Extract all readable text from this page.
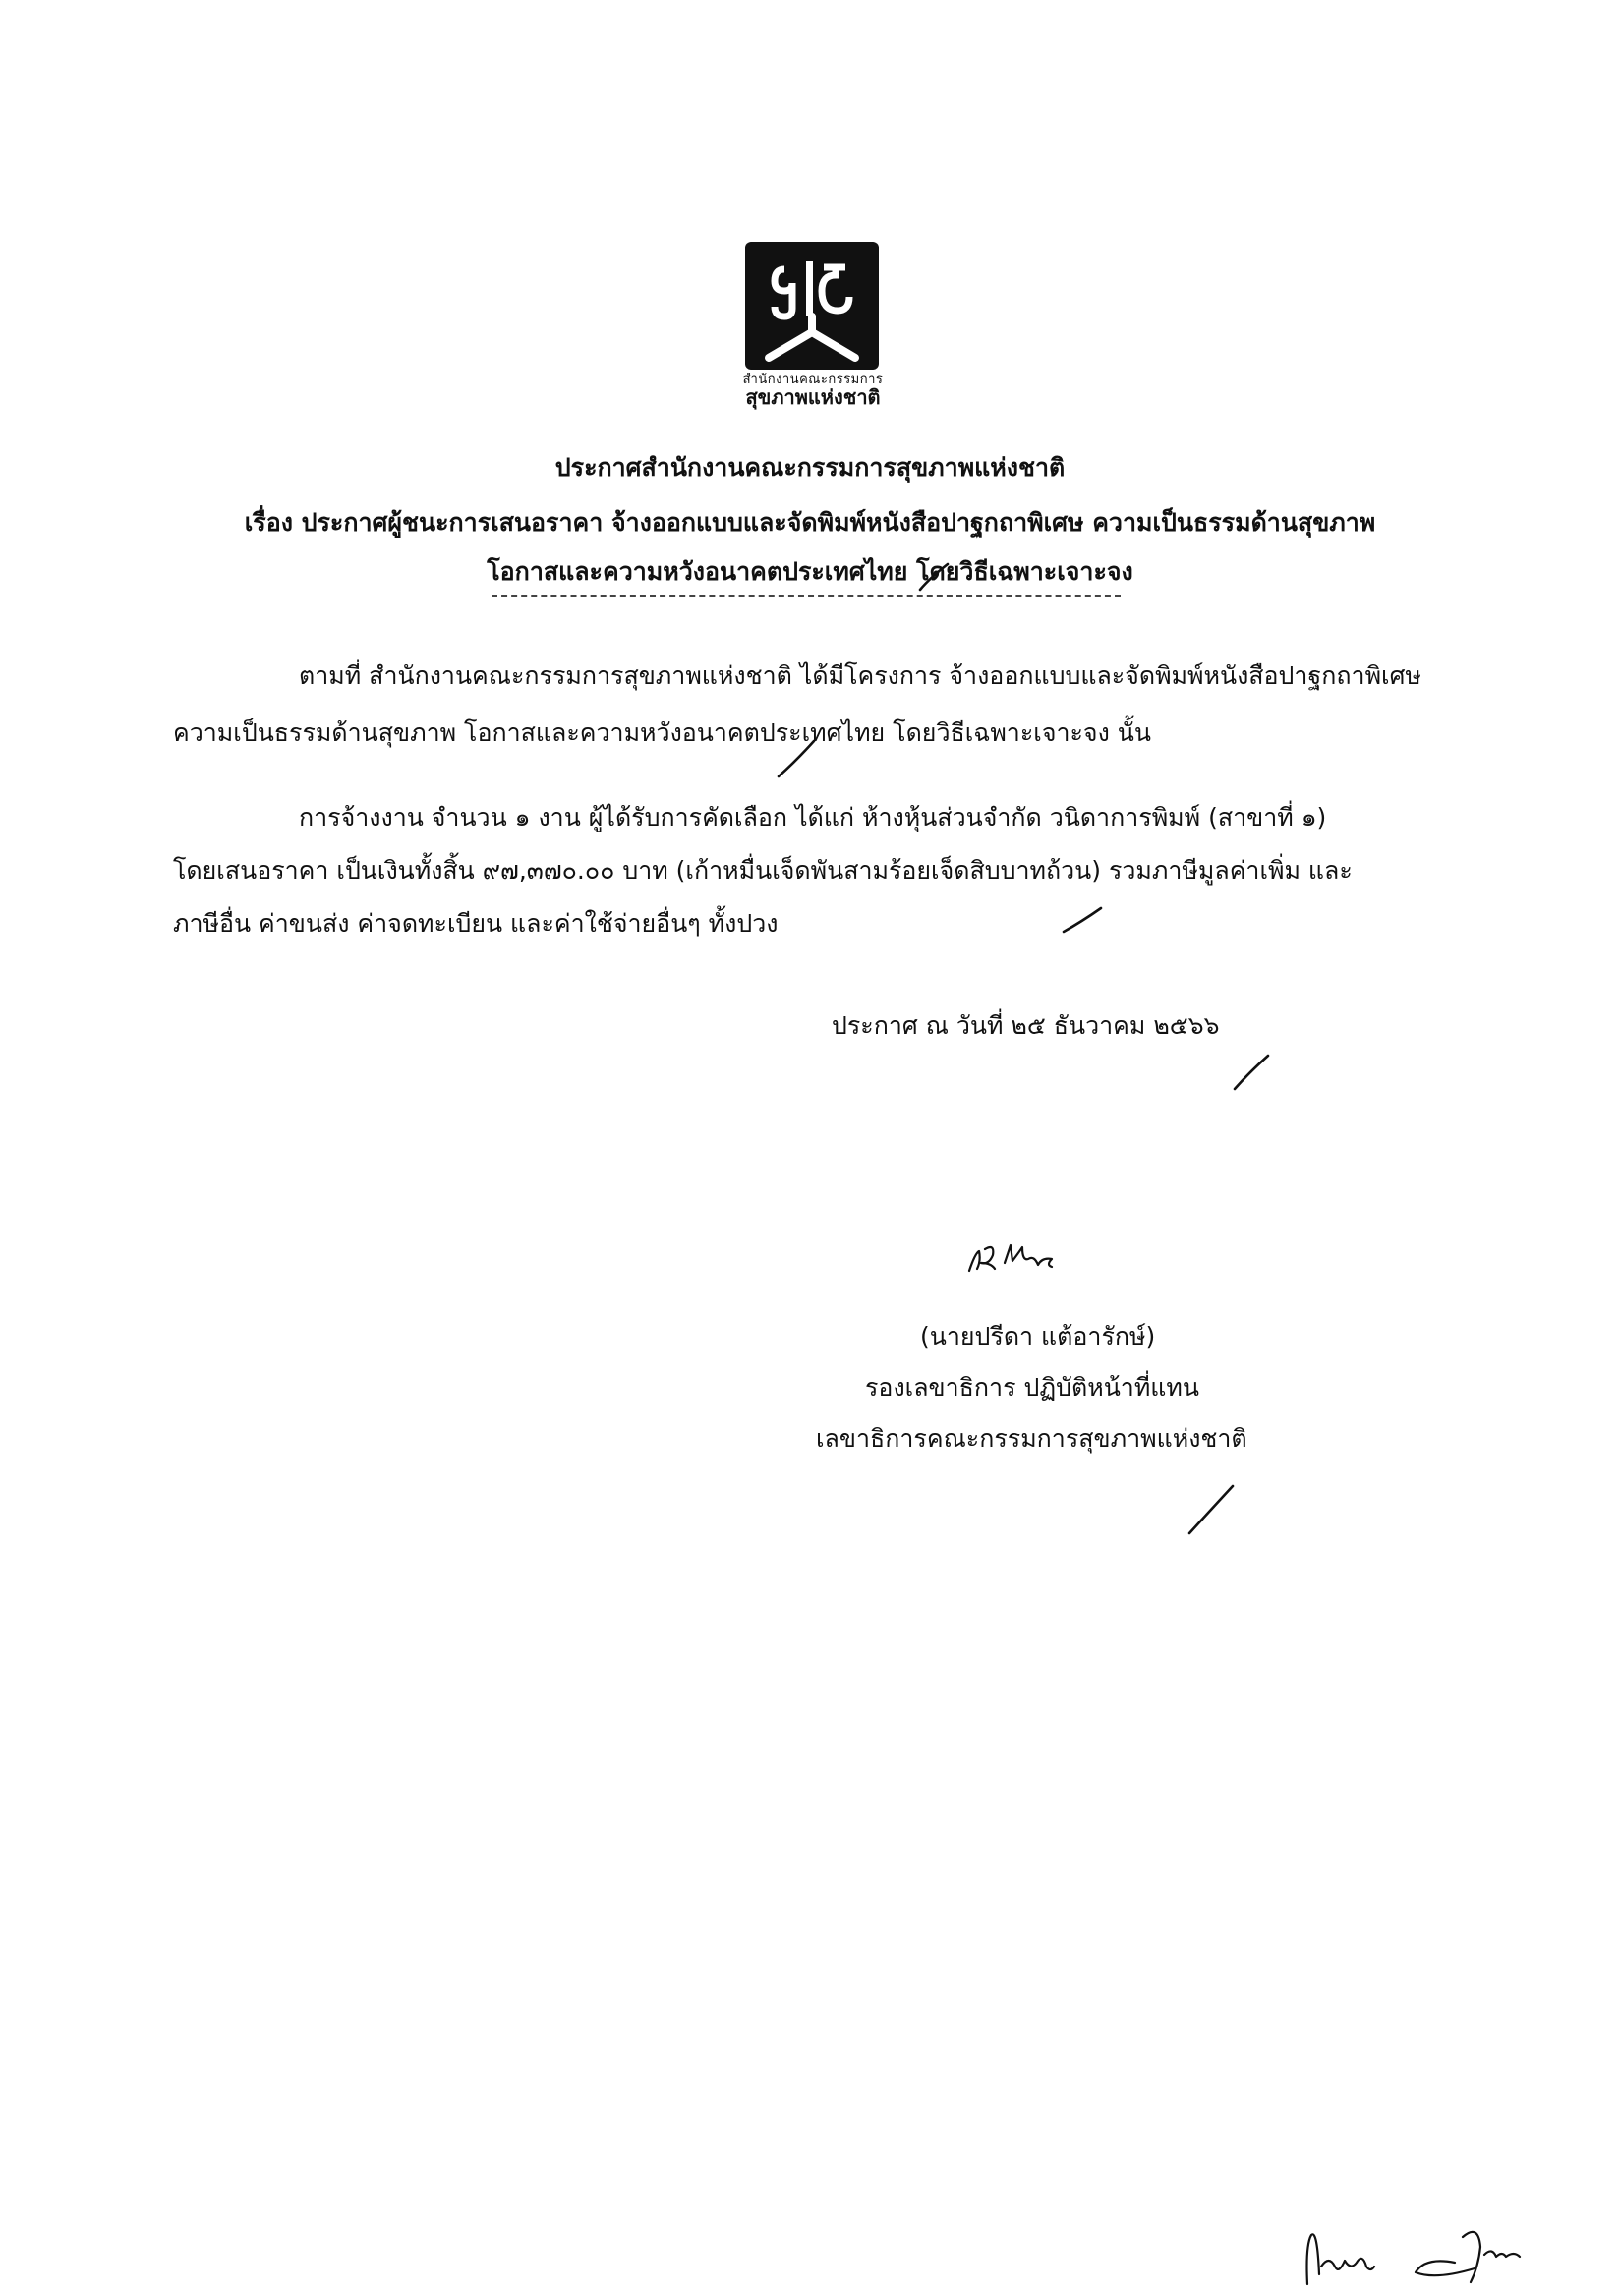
สำนักงานคณะกรรมการ
สุขภาพแห่งชาติ
ประกาศสำนักงานคณะกรรมการสุขภาพแห่งชาติ
เรื่อง ประกาศผู้ชนะการเสนอราคา จ้างออกแบบและจัดพิมพ์หนังสือปาฐกถาพิเศษ ความเป็นธรรมด้านสุขภาพ
โอกาสและความหวังอนาคตประเทศไทย โดยวิธีเฉพาะเจาะจง
ตามที่ สำนักงานคณะกรรมการสุขภาพแห่งชาติ ได้มีโครงการ จ้างออกแบบและจัดพิมพ์หนังสือปาฐกถาพิเศษ
ความเป็นธรรมด้านสุขภาพ โอกาสและความหวังอนาคตประเทศไทย โดยวิธีเฉพาะเจาะจง นั้น
การจ้างงาน จำนวน ๑ งาน ผู้ได้รับการคัดเลือก ได้แก่ ห้างหุ้นส่วนจำกัด วนิดาการพิมพ์ (สาขาที่ ๑)
โดยเสนอราคา เป็นเงินทั้งสิ้น ๙๗,๓๗๐.๐๐ บาท (เก้าหมื่นเจ็ดพันสามร้อยเจ็ดสิบบาทถ้วน) รวมภาษีมูลค่าเพิ่ม และ
ภาษีอื่น ค่าขนส่ง ค่าจดทะเบียน และค่าใช้จ่ายอื่นๆ ทั้งปวง
ประกาศ ณ วันที่ ๒๕ ธันวาคม ๒๕๖๖
(นายปรีดา แต้อารักษ์)
รองเลขาธิการ ปฏิบัติหน้าที่แทน
เลขาธิการคณะกรรมการสุขภาพแห่งชาติ
